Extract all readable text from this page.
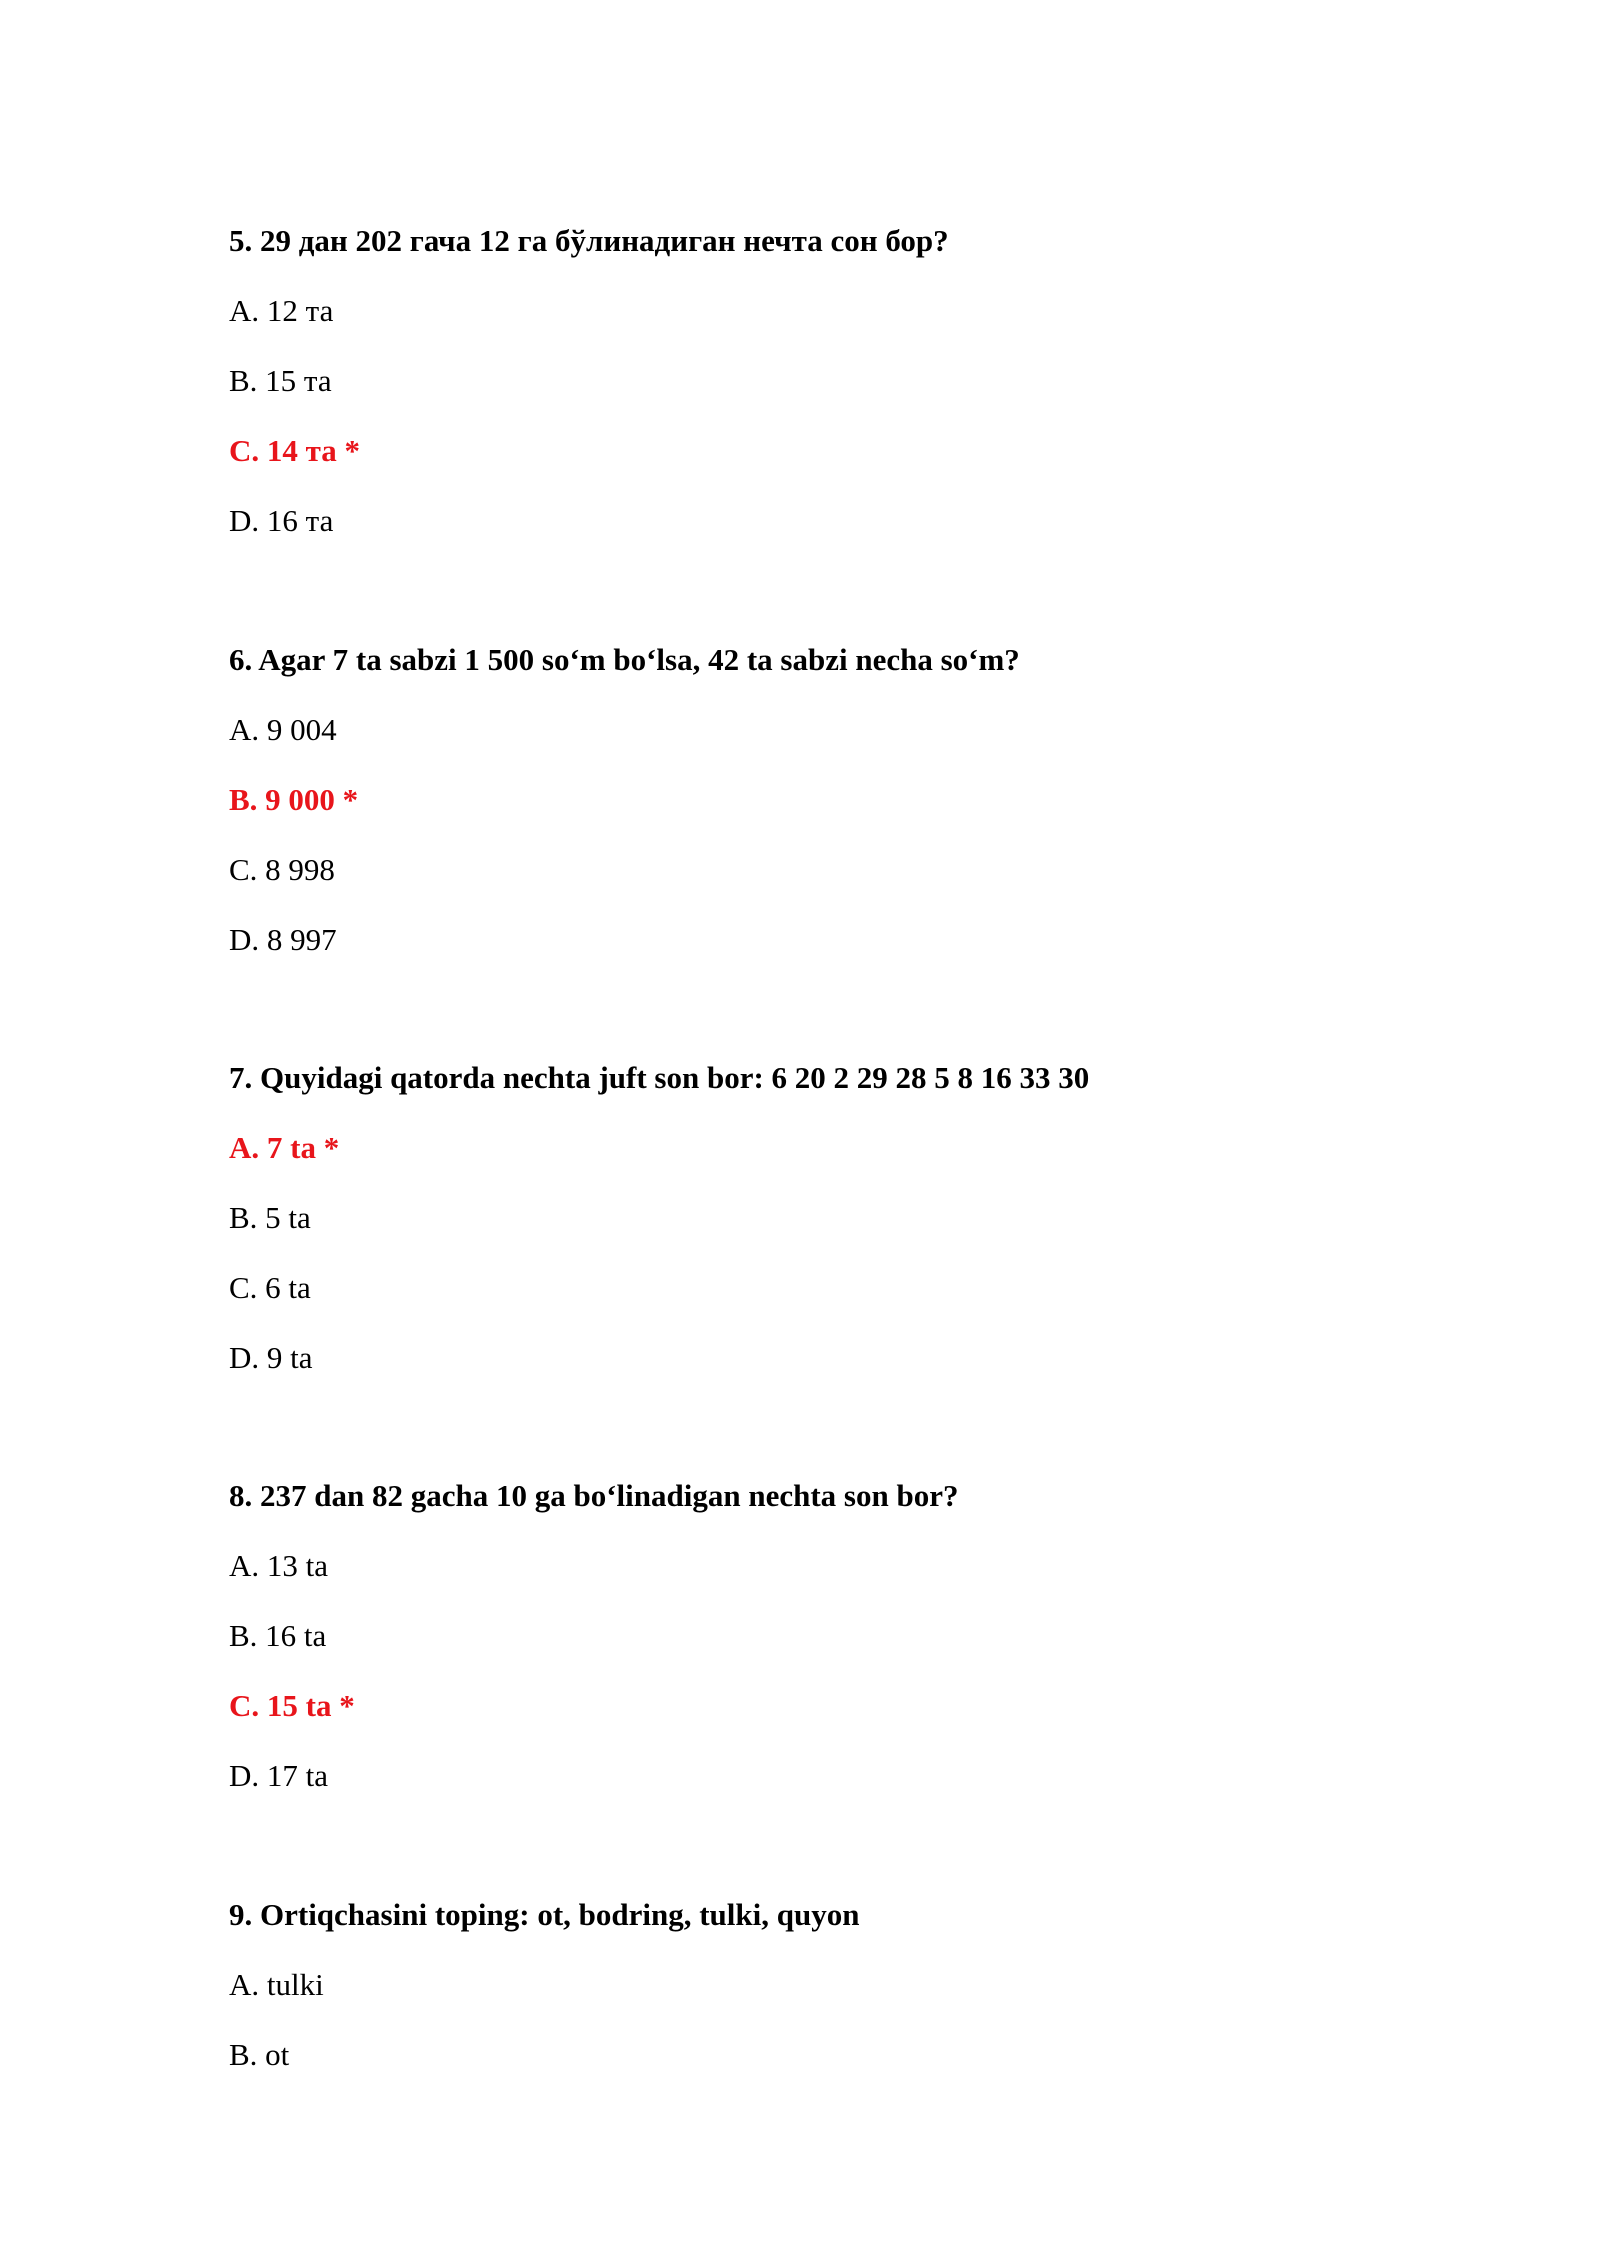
5. 29 дан 202 гача 12 га бўлинадиган нечта сон бор?
A. 12 та
B. 15 та
C. 14 та *
D. 16 та
6. Agar 7 ta sabzi 1 500 so‘m bo‘lsa, 42 ta sabzi necha so‘m?
A. 9 004
B. 9 000 *
C. 8 998
D. 8 997
7. Quyidagi qatorda nechta juft son bor: 6 20 2 29 28 5 8 16 33 30
A. 7 ta *
B. 5 ta
C. 6 ta
D. 9 ta
8. 237 dan 82 gacha 10 ga bo‘linadigan nechta son bor?
A. 13 ta
B. 16 ta
C. 15 ta *
D. 17 ta
9. Ortiqchasini toping: ot, bodring, tulki, quyon
A. tulki
B. ot
